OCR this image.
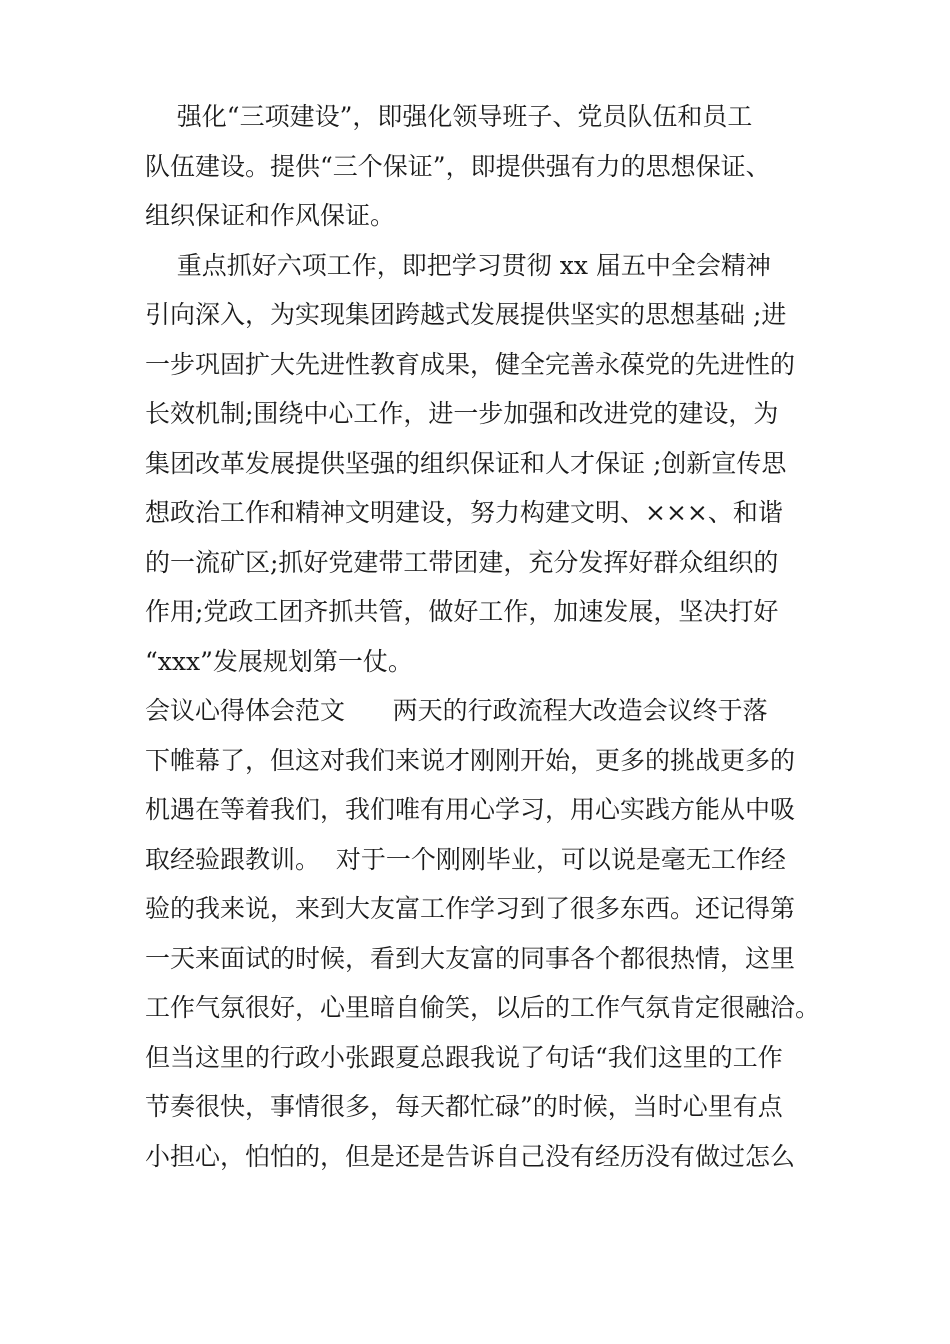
强化“三项建设”，即强化领导班子、党员队伍和员工
队伍建设。提供“三个保证”，即提供强有力的思想保证、
组织保证和作风保证。
重点抓好六项工作，即把学习贯彻 xx 届五中全会精神
引向深入，为实现集团跨越式发展提供坚实的思想基础 ;进
一步巩固扩大先进性教育成果，健全完善永葆党的先进性的
长效机制;围绕中心工作，进一步加强和改进党的建设，为
集团改革发展提供坚强的组织保证和人才保证 ;创新宣传思
想政治工作和精神文明建设，努力构建文明、×××、和谐
的一流矿区;抓好党建带工带团建，充分发挥好群众组织的
作用;党政工团齐抓共管，做好工作，加速发展，坚决打好
“xxx”发展规划第一仗。
会议心得体会范文      两天的行政流程大改造会议终于落
下帷幕了，但这对我们来说才刚刚开始，更多的挑战更多的
机遇在等着我们，我们唯有用心学习，用心实践方能从中吸
取经验跟教训。  对于一个刚刚毕业，可以说是毫无工作经
验的我来说，来到大友富工作学习到了很多东西。还记得第
一天来面试的时候，看到大友富的同事各个都很热情，这里
工作气氛很好，心里暗自偷笑，以后的工作气氛肯定很融洽。
但当这里的行政小张跟夏总跟我说了句话“我们这里的工作
节奏很快，事情很多，每天都忙碌”的时候，当时心里有点
小担心，怕怕的，但是还是告诉自己没有经历没有做过怎么
